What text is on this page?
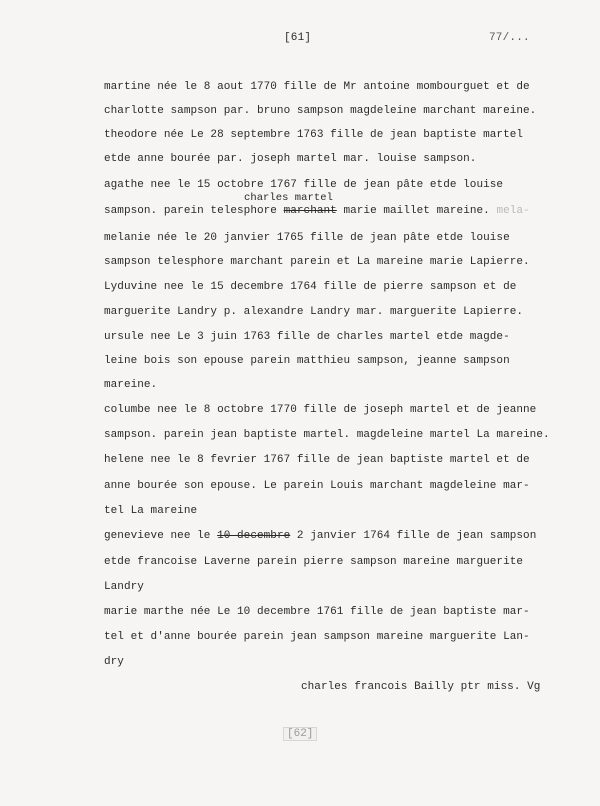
[61]	77/...
martine née le 8 aout 1770 fille de Mr antoine mombourguet et de
charlotte sampson par. bruno sampson magdeleine marchant mareine.
theodore née Le 28 septembre 1763 fille de jean baptiste martel
etde anne bourée par. joseph martel mar. louise sampson.
agathe nee le 15 octobre 1767 fille de jean pâte etde louise
charles martel
sampson. parein telesphore marchant marie maillet mareine. mela-
melanie née le 20 janvier 1765 fille de jean pâte etde louise
sampson telesphore marchant parein et La mareine marie Lapierre.
Lyduvine nee le 15 decembre 1764 fille de pierre sampson et de
marguerite Landry p. alexandre Landry mar. marguerite Lapierre.
ursule nee Le 3 juin 1763 fille de charles martel etde magde-
leine bois son epouse parein matthieu sampson, jeanne sampson
mareine.
columbe nee le 8 octobre 1770 fille de joseph martel et de jeanne
sampson. parein jean baptiste martel. magdeleine martel La mareine.
helene nee le 8 fevrier 1767 fille de jean baptiste martel et de
anne bourée son epouse. Le parein Louis marchant magdeleine mar-
tel La mareine
genevieve nee le 10 decembre 2 janvier 1764 fille de jean sampson
etde francoise Laverne parein pierre sampson mareine marguerite
Landry
marie marthe née Le 10 decembre 1761 fille de jean baptiste mar-
tel et d'anne bourée parein jean sampson mareine marguerite Lan-
dry
charles francois Bailly ptr miss. Vg
[62]
